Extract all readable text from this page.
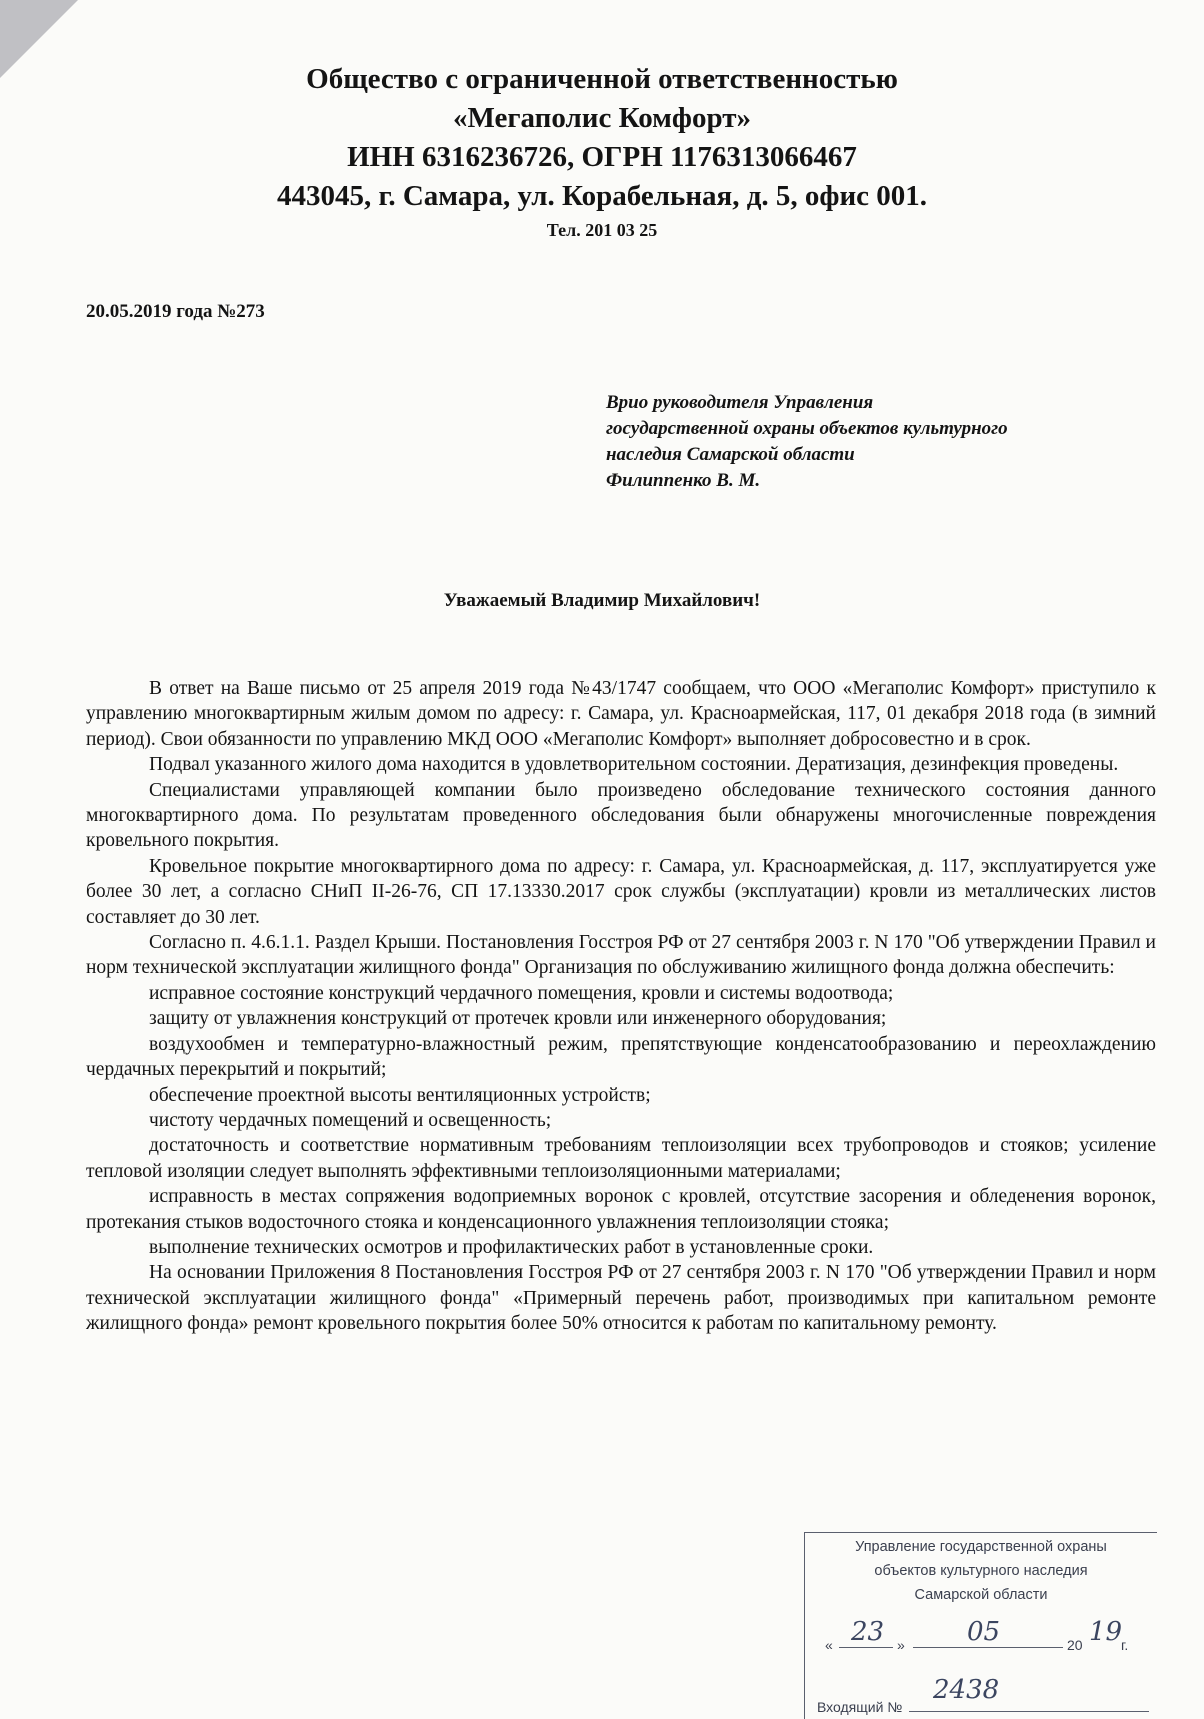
Общество с ограниченной ответственностью
«Мегаполис Комфорт»
ИНН 6316236726, ОГРН 1176313066467
443045, г. Самара, ул. Корабельная, д. 5, офис 001.
Тел. 201 03 25
20.05.2019 года №273
Врио руководителя Управления
государственной охраны объектов культурного
наследия Самарской области
Филиппенко В. М.
Уважаемый Владимир Михайлович!

В ответ на Ваше письмо от 25 апреля 2019 года №43/1747 сообщаем, что ООО «Мегаполис Комфорт» приступило к управлению многоквартирным жилым домом по адресу: г. Самара, ул. Красноармейская, 117, 01 декабря 2018 года (в зимний период). Свои обязанности по управлению МКД ООО «Мегаполис Комфорт» выполняет добросовестно и в срок.

Подвал указанного жилого дома находится в удовлетворительном состоянии. Дератизация, дезинфекция проведены.

Специалистами управляющей компании было произведено обследование технического состояния данного многоквартирного дома. По результатам проведенного обследования были обнаружены многочисленные повреждения кровельного покрытия.

Кровельное покрытие многоквартирного дома по адресу: г. Самара, ул. Красноармейская, д. 117, эксплуатируется уже более 30 лет, а согласно СНиП II-26-76, СП 17.13330.2017 срок службы (эксплуатации) кровли из металлических листов составляет до 30 лет.

Согласно п. 4.6.1.1. Раздел Крыши. Постановления Госстроя РФ от 27 сентября 2003 г. N 170 "Об утверждении Правил и норм технической эксплуатации жилищного фонда" Организация по обслуживанию жилищного фонда должна обеспечить:

исправное состояние конструкций чердачного помещения, кровли и системы водоотвода;

защиту от увлажнения конструкций от протечек кровли или инженерного оборудования;

воздухообмен и температурно-влажностный режим, препятствующие конденсатообразованию и переохлаждению чердачных перекрытий и покрытий;

обеспечение проектной высоты вентиляционных устройств;

чистоту чердачных помещений и освещенность;

достаточность и соответствие нормативным требованиям теплоизоляции всех трубопроводов и стояков; усиление тепловой изоляции следует выполнять эффективными теплоизоляционными материалами;

исправность в местах сопряжения водоприемных воронок с кровлей, отсутствие засорения и обледенения воронок, протекания стыков водосточного стояка и конденсационного увлажнения теплоизоляции стояка;

выполнение технических осмотров и профилактических работ в установленные сроки.

На основании Приложения 8 Постановления Госстроя РФ от 27 сентября 2003 г. N 170 "Об утверждении Правил и норм технической эксплуатации жилищного фонда" «Примерный перечень работ, производимых при капитальном ремонте жилищного фонда» ремонт кровельного покрытия более 50% относится к работам по капитальному ремонту.

Управление государственной охраны
объектов культурного наследия
Самарской области
« 23 » 05	20 19
г.
Входящий №
2438
